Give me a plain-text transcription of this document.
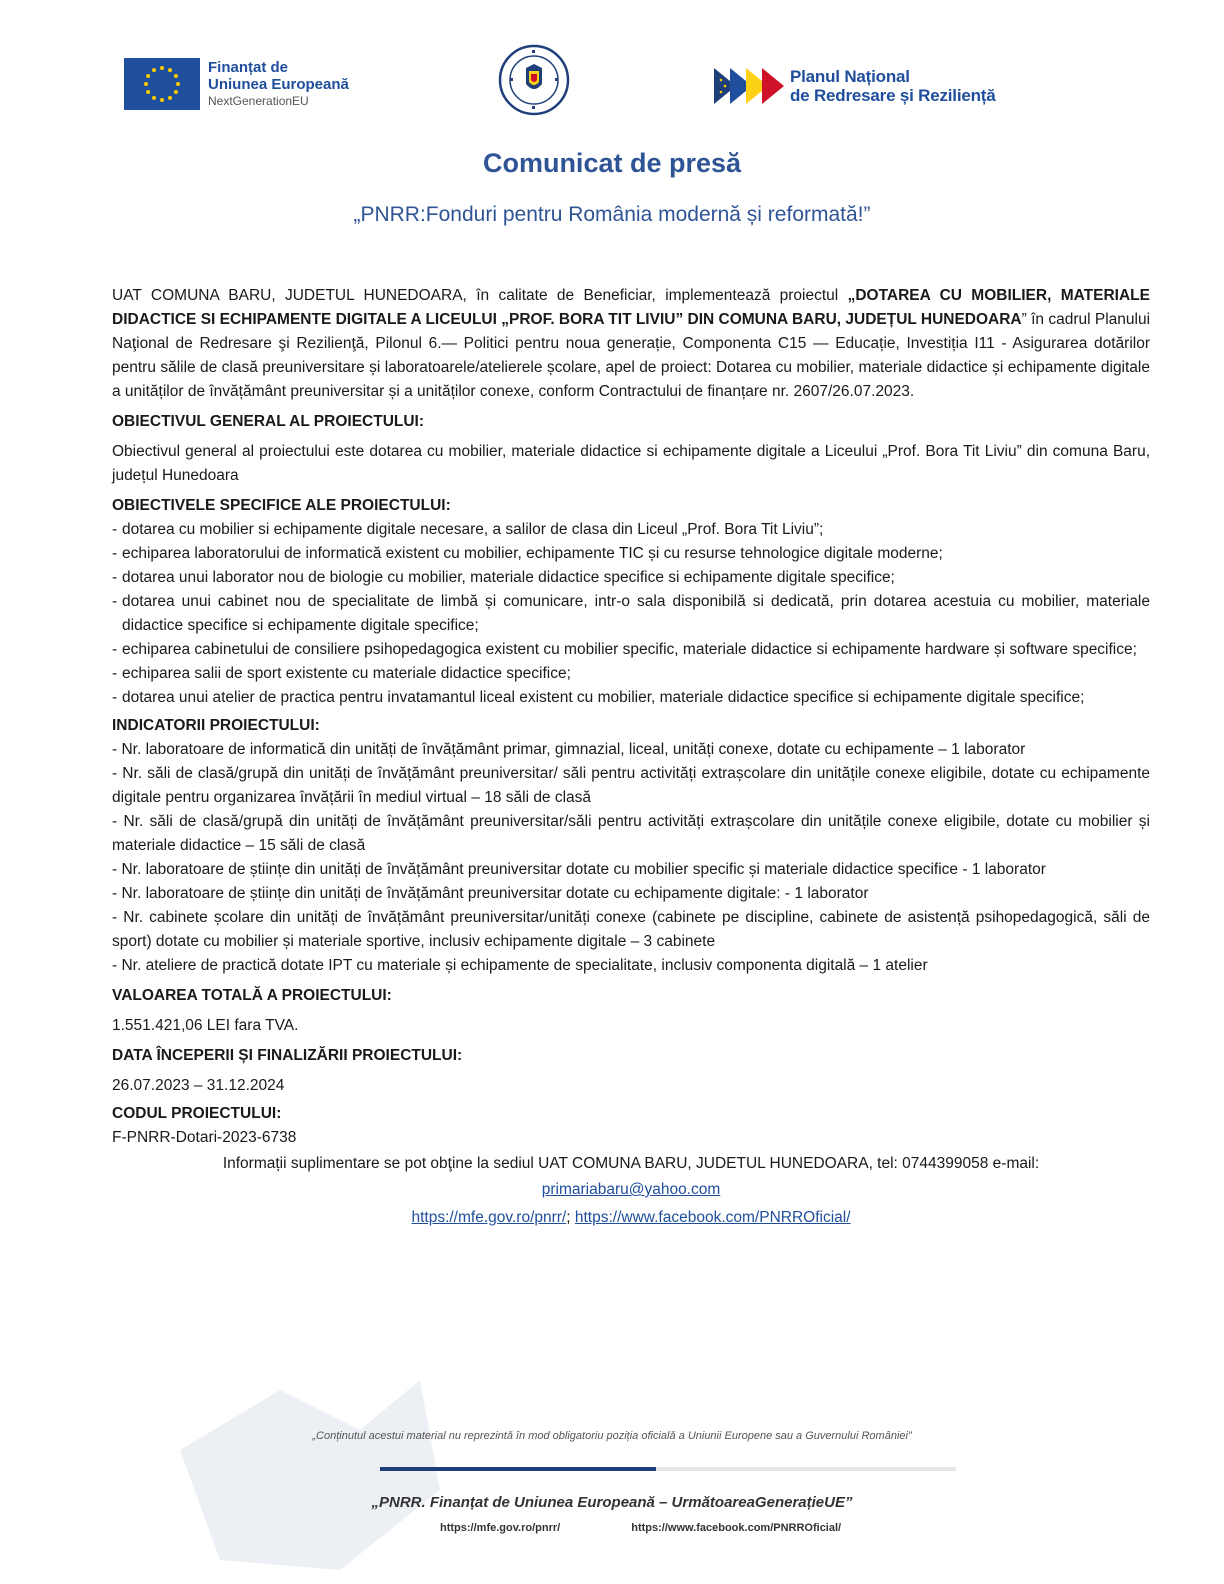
Finanțat de
Uniunea Europeană
NextGenerationEU
Planul Național
de Redresare și Reziliență
Comunicat de presă
„PNRR:Fonduri pentru România modernă și reformată!”

UAT COMUNA BARU, JUDETUL HUNEDOARA, în calitate de Beneficiar, implementează proiectul „DOTAREA CU MOBILIER, MATERIALE DIDACTICE SI ECHIPAMENTE DIGITALE A LICEULUI „PROF. BORA TIT LIVIU” DIN COMUNA BARU, JUDEȚUL HUNEDOARA” în cadrul Planului Naţional de Redresare şi Rezilienţă, Pilonul 6.— Politici pentru noua generație, Componenta C15 — Educație, Investiția I11 - Asigurarea dotărilor pentru sălile de clasă preuniversitare și laboratoarele/atelierele școlare, apel de proiect: Dotarea cu mobilier, materiale didactice și echipamente digitale a unităților de învățământ preuniversitar și a unităților conexe, conform Contractului de finanțare nr. 2607/26.07.2023.

OBIECTIVUL GENERAL AL PROIECTULUI:

Obiectivul general al proiectului este dotarea cu mobilier, materiale didactice si echipamente digitale a Liceului „Prof. Bora Tit Liviu” din comuna Baru, județul Hunedoara

OBIECTIVELE SPECIFICE ALE PROIECTULUI:

- dotarea cu mobilier si echipamente digitale necesare, a salilor de clasa din Liceul „Prof. Bora Tit Liviu”;
- echiparea laboratorului de informatică existent cu mobilier, echipamente TIC și cu resurse tehnologice digitale moderne;
- dotarea unui laborator nou de biologie cu mobilier, materiale didactice specifice si echipamente digitale specifice;
- dotarea unui cabinet nou de specialitate de limbă și comunicare, intr-o sala disponibilă si dedicată, prin dotarea acestuia cu mobilier, materiale didactice specifice si echipamente digitale specifice;
- echiparea cabinetului de consiliere psihopedagogica existent cu mobilier specific, materiale didactice si echipamente hardware și software specifice;
- echiparea salii de sport existente cu materiale didactice specifice;
- dotarea unui atelier de practica pentru invatamantul liceal existent cu mobilier, materiale didactice specifice si echipamente digitale specifice;

INDICATORII PROIECTULUI:

- Nr. laboratoare de informatică din unități de învățământ primar, gimnazial, liceal, unități conexe, dotate cu echipamente – 1 laborator

- Nr. săli de clasă/grupă din unități de învățământ preuniversitar/ săli pentru activități extrașcolare din unitățile conexe eligibile, dotate cu echipamente digitale pentru organizarea învățării în mediul virtual – 18 săli de clasă

- Nr. săli de clasă/grupă din unități de învățământ preuniversitar/săli pentru activități extrașcolare din unitățile conexe eligibile, dotate cu mobilier și materiale didactice – 15 săli de clasă

- Nr. laboratoare de științe din unități de învățământ preuniversitar dotate cu mobilier specific și materiale didactice specifice - 1 laborator

- Nr. laboratoare de științe din unități de învățământ preuniversitar dotate cu echipamente digitale: - 1 laborator

- Nr. cabinete școlare din unități de învățământ preuniversitar/unități conexe (cabinete pe discipline, cabinete de asistență psihopedagogică, săli de sport) dotate cu mobilier și materiale sportive, inclusiv echipamente digitale – 3 cabinete

- Nr. ateliere de practică dotate IPT cu materiale și echipamente de specialitate, inclusiv componenta digitală – 1 atelier

VALOAREA TOTALĂ A PROIECTULUI:

1.551.421,06 LEI fara TVA.

DATA ÎNCEPERII ȘI FINALIZĂRII PROIECTULUI:

26.07.2023 – 31.12.2024

CODUL PROIECTULUI:

F-PNRR-Dotari-2023-6738

Informații suplimentare se pot obţine la sediul UAT COMUNA BARU, JUDETUL HUNEDOARA, tel: 0744399058 e-mail:

primariabaru@yahoo.com

https://mfe.gov.ro/pnrr/; https://www.facebook.com/PNRROficial/

„Conținutul acestui material nu reprezintă în mod obligatoriu poziția oficială a Uniunii Europene sau a Guvernului României”
„PNRR. Finanțat de Uniunea Europeană – UrmătoareaGenerațieUE”
https://mfe.gov.ro/pnrr/	https://www.facebook.com/PNRROficial/
